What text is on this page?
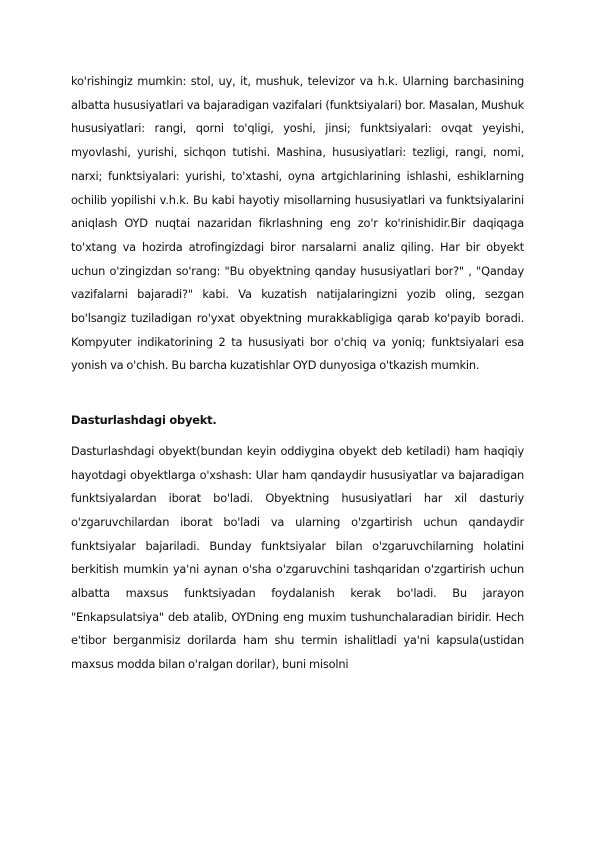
ko'rishingiz mumkin: stol, uy, it, mushuk, televizor va h.k. Ularning barchasining albatta hususiyatlari va bajaradigan vazifalari (funktsiyalari) bor. Masalan, Mushuk hususiyatlari: rangi, qorni to'qligi, yoshi, jinsi; funktsiyalari: ovqat yeyishi, myovlashi, yurishi, sichqon tutishi. Mashina, hususiyatlari: tezligi, rangi, nomi, narxi; funktsiyalari: yurishi, to'xtashi, oyna artgichlarining ishlashi, eshiklarning ochilib yopilishi v.h.k. Bu kabi hayotiy misollarning hususiyatlari va funktsiyalarini aniqlash OYD nuqtai nazaridan fikrlashning eng zo'r ko'rinishidir.Bir daqiqaga to'xtang va hozirda atrofingizdagi biror narsalarni analiz qiling. Har bir obyekt uchun o'zingizdan so'rang: "Bu obyektning qanday hususiyatlari bor?" , "Qanday vazifalarni bajaradi?" kabi. Va kuzatish natijalaringizni yozib oling, sezgan bo'lsangiz tuziladigan ro'yxat obyektning murakkabligiga qarab ko'payib boradi. Kompyuter indikatorining 2 ta hususiyati bor o'chiq va yoniq; funktsiyalari esa yonish va o'chish. Bu barcha kuzatishlar OYD dunyosiga o'tkazish mumkin.

Dasturlashdagi obyekt.

Dasturlashdagi obyekt(bundan keyin oddiygina obyekt deb ketiladi) ham haqiqiy hayotdagi obyektlarga o'xshash: Ular ham qandaydir hususiyatlar va bajaradigan funktsiyalardan iborat bo'ladi. Obyektning hususiyatlari har xil dasturiy o'zgaruvchilardan iborat bo'ladi va ularning o'zgartirish uchun qandaydir funktsiyalar bajariladi. Bunday funktsiyalar bilan o'zgaruvchilarning holatini berkitish mumkin ya'ni aynan o'sha o'zgaruvchini tashqaridan o'zgartirish uchun albatta maxsus funktsiyadan foydalanish kerak bo'ladi. Bu jarayon "Enkapsulatsiya" deb atalib, OYDning eng muxim tushunchalaradian biridir. Hech e'tibor berganmisiz dorilarda ham shu termin ishalitladi ya'ni kapsula(ustidan maxsus modda bilan o'ralgan dorilar), buni misolni
